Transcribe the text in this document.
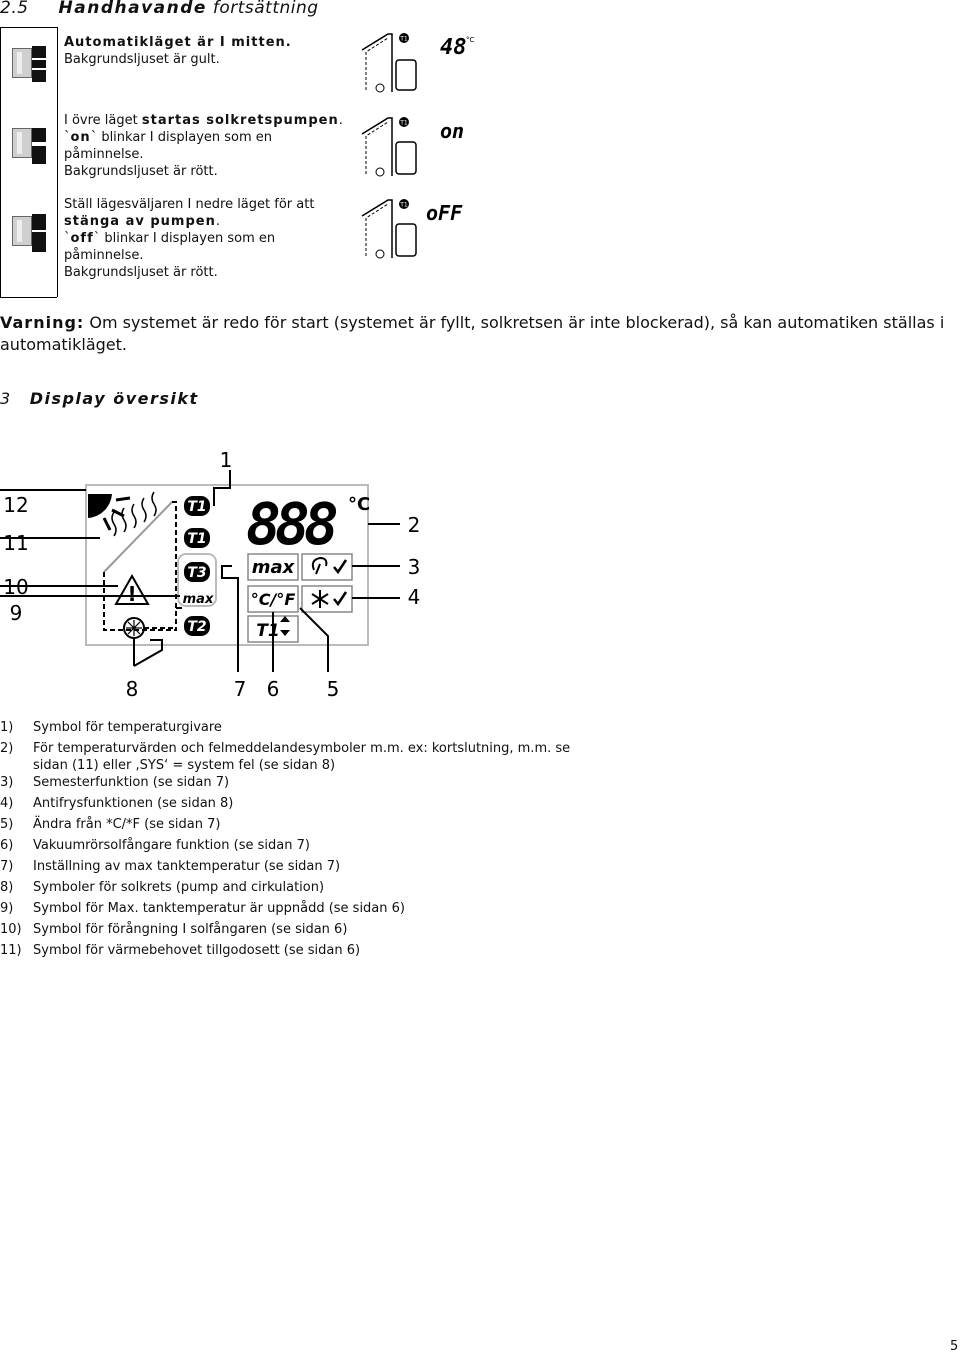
2.5 Handhavande fortsättning
Automatikläget är I mitten.
Bakgrundsljuset är gult.
I övre läget startas solkretspumpen.
`on` blinkar I displayen som en
påminnelse.
Bakgrundsljuset är rött.
Ställ lägesväljaren I nedre läget för att
stänga av pumpen.
`off` blinkar I displayen som en
påminnelse.
Bakgrundsljuset är rött.
T1 48 °C
T1 on
T1 oFF
Varning: Om systemet är redo för start (systemet är fyllt, solkretsen är inte blockerad), så kan automatiken ställas i automatikläget.
3 Display översikt
!
T1
T1
T3
max
T2
888 °C
max
°C/°F
T1
1
2
3
4
5
6
7
8
9
10
11
12
1) Symbol för temperaturgivare
2) För temperaturvärden och felmeddelandesymboler m.m. ex: kortslutning, m.m. se
sidan (11) eller ,SYS‘ = system fel (se sidan 8)
3) Semesterfunktion (se sidan 7)
4) Antifrysfunktionen (se sidan 8)
5) Ändra från *C/*F (se sidan 7)
6) Vakuumrörsolfångare funktion (se sidan 7)
7) Inställning av max tanktemperatur (se sidan 7)
8) Symboler för solkrets (pump and cirkulation)
9) Symbol för Max. tanktemperatur är uppnådd (se sidan 6)
10) Symbol för förångning I solfångaren (se sidan 6)
11) Symbol för värmebehovet tillgodosett (se sidan 6)
5
